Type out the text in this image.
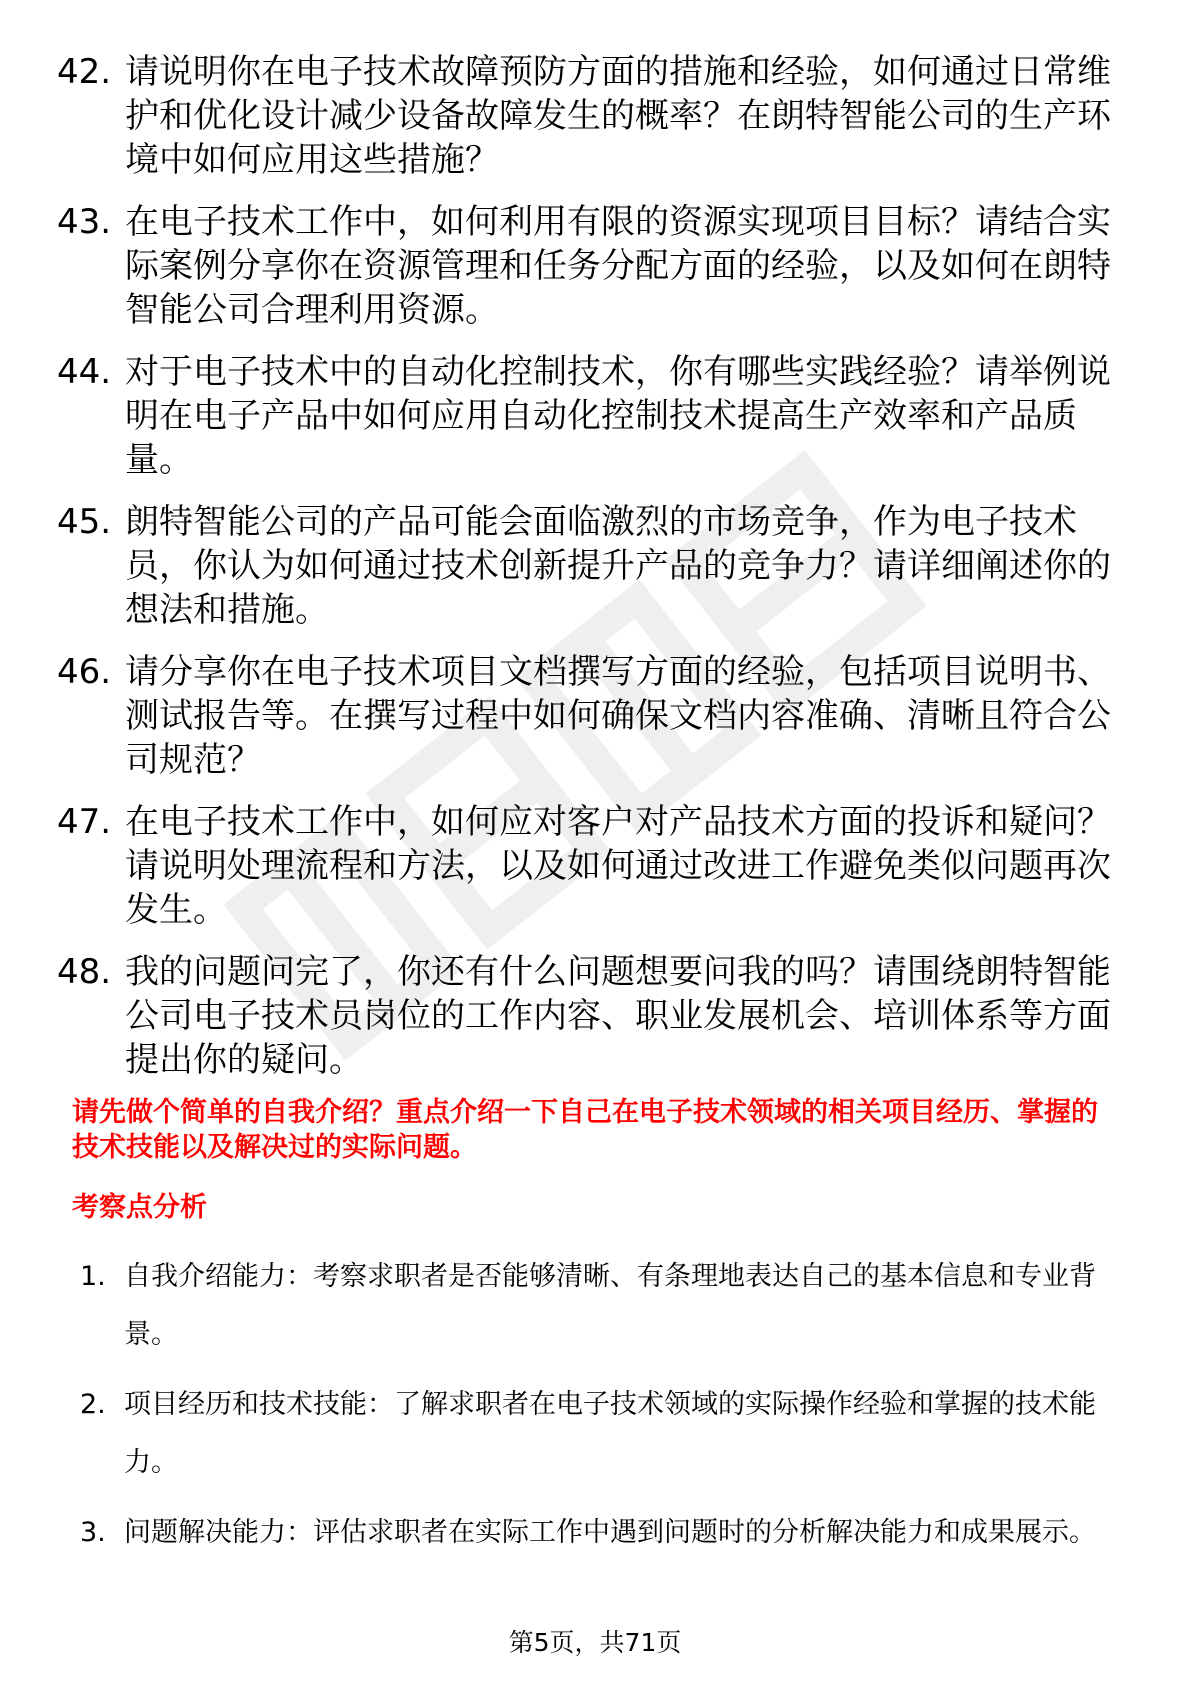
42. 请说明你在电子技术故障预防方面的措施和经验，如何通过日常维护和优化设计减少设备故障发生的概率？在朗特智能公司的生产环境中如何应用这些措施？
43. 在电子技术工作中，如何利用有限的资源实现项目目标？请结合实际案例分享你在资源管理和任务分配方面的经验，以及如何在朗特智能公司合理利用资源。
44. 对于电子技术中的自动化控制技术，你有哪些实践经验？请举例说明在电子产品中如何应用自动化控制技术提高生产效率和产品质量。
45. 朗特智能公司的产品可能会面临激烈的市场竞争，作为电子技术员，你认为如何通过技术创新提升产品的竞争力？请详细阐述你的想法和措施。
46. 请分享你在电子技术项目文档撰写方面的经验，包括项目说明书、测试报告等。在撰写过程中如何确保文档内容准确、清晰且符合公司规范？
47. 在电子技术工作中，如何应对客户对产品技术方面的投诉和疑问？请说明处理流程和方法，以及如何通过改进工作避免类似问题再次发生。
48. 我的问题问完了，你还有什么问题想要问我的吗？请围绕朗特智能公司电子技术员岗位的工作内容、职业发展机会、培训体系等方面提出你的疑问。
请先做个简单的自我介绍？重点介绍一下自己在电子技术领域的相关项目经历、掌握的技术技能以及解决过的实际问题。
考察点分析
1. 自我介绍能力：考察求职者是否能够清晰、有条理地表达自己的基本信息和专业背景。
2. 项目经历和技术技能：了解求职者在电子技术领域的实际操作经验和掌握的技术能力。
3. 问题解决能力：评估求职者在实际工作中遇到问题时的分析解决能力和成果展示。
第5页，共71页
